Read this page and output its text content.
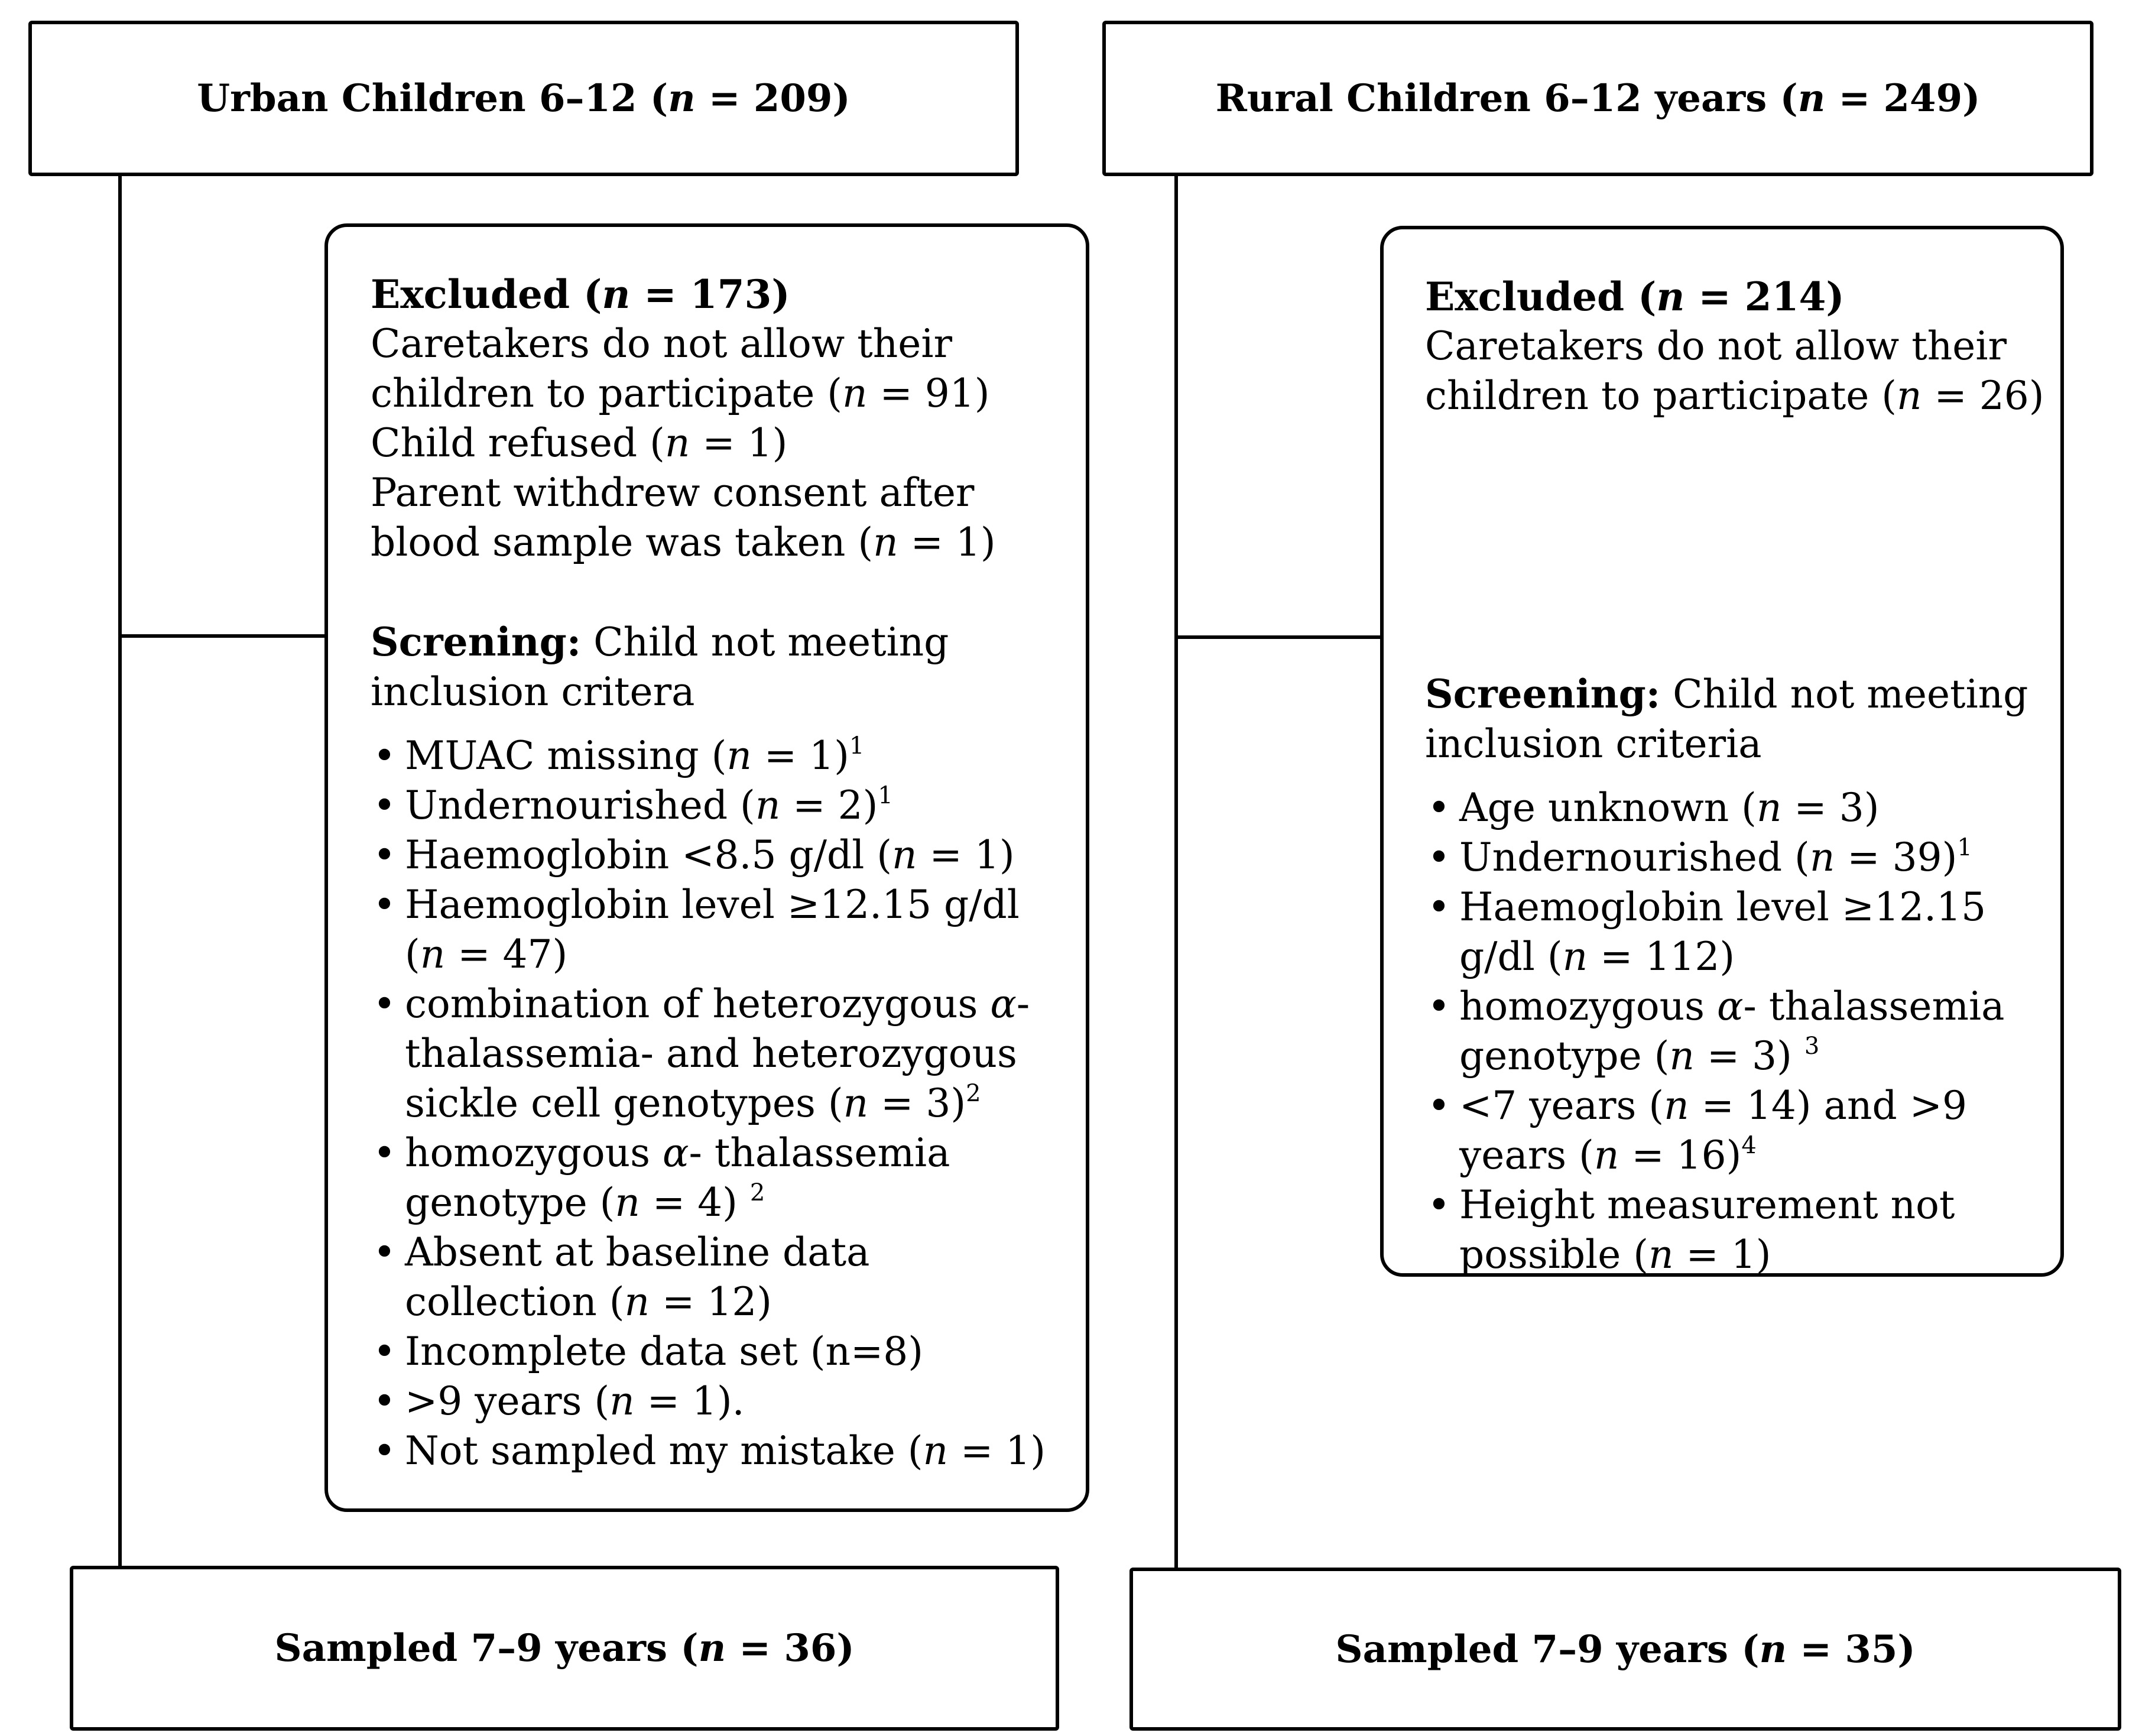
Urban Children 6–12 (n = 209)	Rural Children 6–12 years (n = 249)

Excluded (n = 173)

Caretakers do not allow their

children to participate (n = 91)

Child refused (n = 1)

Parent withdrew consent after

blood sample was taken (n = 1)

Screning: Child not meeting

inclusion critera

• MUAC missing (n = 1)$^1$
• Undernourished (n = 2)$^1$
• Haemoglobin <8.5 g/dl (n = 1)
• Haemoglobin level ≥12.15 g/dl
(n = 47)
• combination of heterozygous α-
thalassemia- and heterozygous
sickle cell genotypes (n = 3)$^2$
• homozygous α- thalassemia
genotype (n = 4) $^2$
• Absent at baseline data
collection (n = 12)
• Incomplete data set (n=8)
• >9 years (n = 1).
• Not sampled my mistake (n = 1)

Excluded (n = 214)

Caretakers do not allow their

children to participate (n = 26)

Screening: Child not meeting

inclusion criteria

• Age unknown (n = 3)
• Undernourished (n = 39)$^1$
• Haemoglobin level ≥12.15
g/dl (n = 112)
• homozygous α- thalassemia
genotype (n = 3) $^3$
• <7 years (n = 14) and >9
years (n = 16)$^4$
• Height measurement not
possible (n = 1)
Sampled 7–9 years (n = 36)	Sampled 7–9 years (n = 35)
